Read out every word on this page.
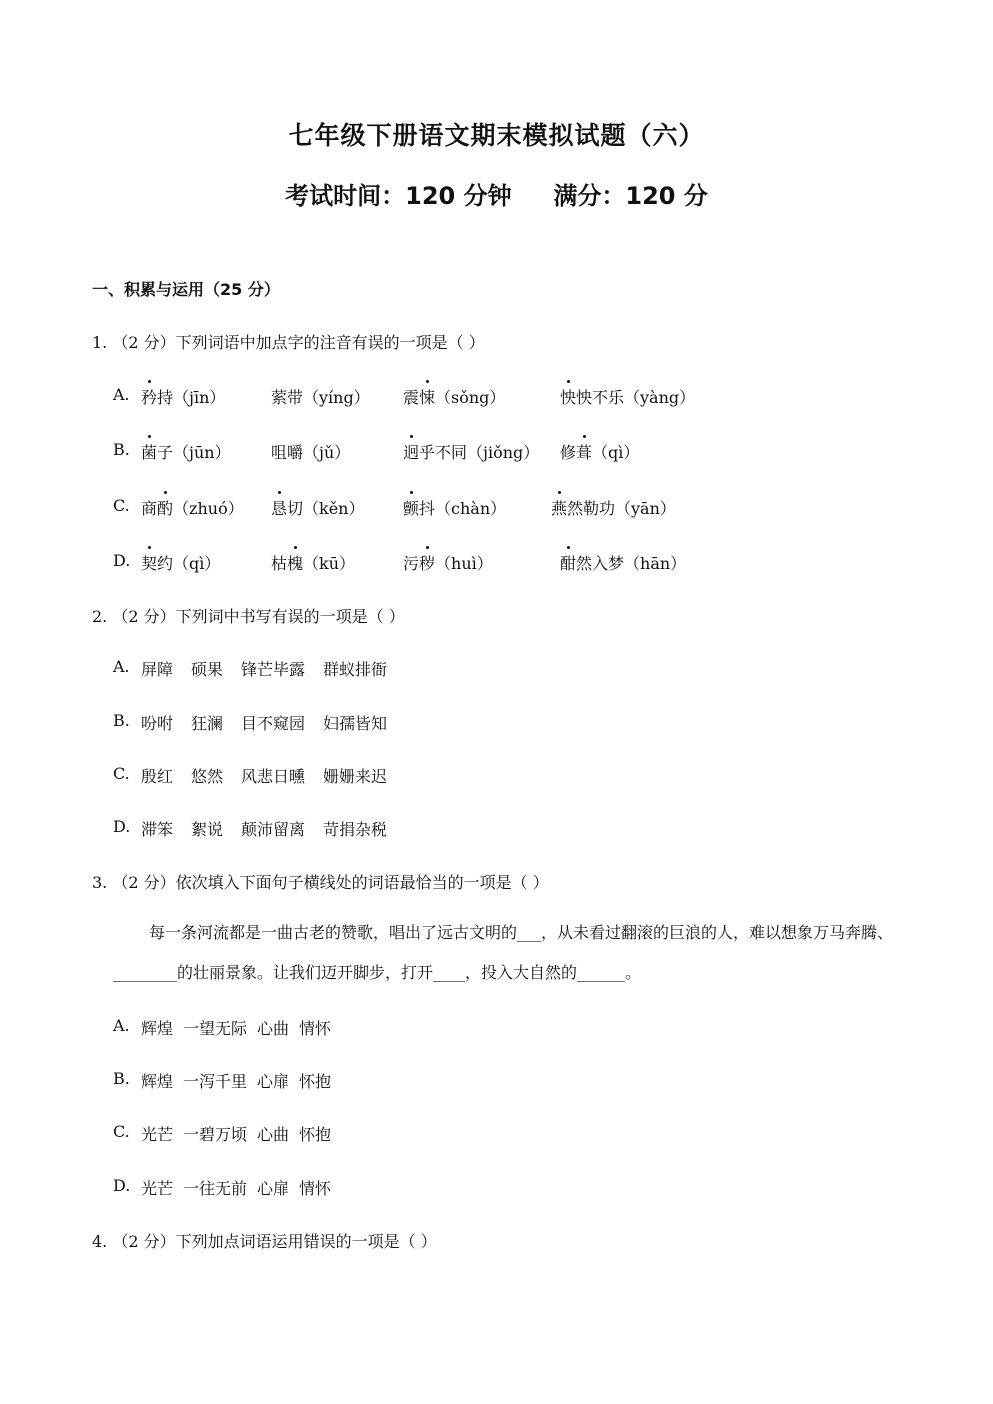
七年级下册语文期末模拟试题（六）
考试时间：120 分钟     满分：120 分
一、积累与运用（25 分）
1. （2 分）下列词语中加点字的注音有误的一项是（ ）
A. 矜持（jīn）	萦带（yíng） 震悚（sǒng）	怏怏不乐（yàng）
B. 菌子（jūn）	咀嚼（jǔ）	迥乎不同（jiǒng） 修葺（qì）
C. 商酌（zhuó） 恳切（kěn） 颤抖（chàn）	燕然勒功（yān）
D. 契约（qì）	枯槐（kū）	污秽（huì）	酣然入梦（hān）
2. （2 分）下列词中书写有误的一项是（ ）
A. 屏障 硕果 锋芒毕露 群蚁排衙
B. 吩咐 狂澜 目不窥园 妇孺皆知
C. 殷红 悠然 风悲日曛 姗姗来迟
D. 滞笨 絮说 颠沛留离 苛捐杂税
3. （2 分）依次填入下面句子横线处的词语最恰当的一项是（ ）

每一条河流都是一曲古老的赞歌，唱出了远古文明的___，从未看过翻滚的巨浪的人，难以想象万马奔腾、________的壮丽景象。让我们迈开脚步，打开____，投入大自然的______。

A. 辉煌 一望无际 心曲 情怀
B. 辉煌 一泻千里 心扉 怀抱
C. 光芒 一碧万顷 心曲 怀抱
D. 光芒 一往无前 心扉 情怀
4. （2 分）下列加点词语运用错误的一项是（ ）
